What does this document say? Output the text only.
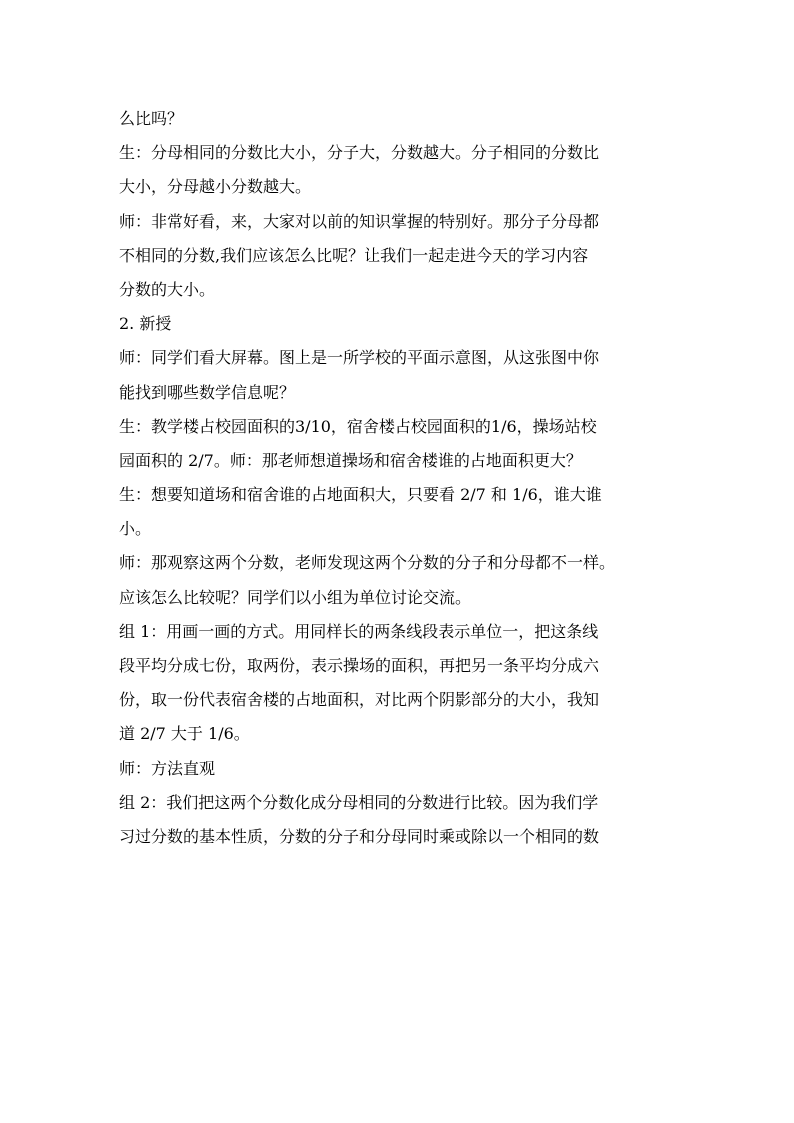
么比吗？
生：分母相同的分数比大小，分子大，分数越大。分子相同的分数比
大小，分母越小分数越大。
师：非常好看，来，大家对以前的知识掌握的特别好。那分子分母都
不相同的分数,我们应该怎么比呢？让我们一起走进今天的学习内容
分数的大小。
2. 新授
师：同学们看大屏幕。图上是一所学校的平面示意图，从这张图中你
能找到哪些数学信息呢？
生：教学楼占校园面积的3/10，宿舍楼占校园面积的1/6，操场站校
园面积的 2/7。师：那老师想道操场和宿舍楼谁的占地面积更大？
生：想要知道场和宿舍谁的占地面积大，只要看 2/7 和 1/6，谁大谁
小。
师：那观察这两个分数，老师发现这两个分数的分子和分母都不一样。
应该怎么比较呢？同学们以小组为单位讨论交流。
组 1：用画一画的方式。用同样长的两条线段表示单位一，把这条线
段平均分成七份，取两份，表示操场的面积，再把另一条平均分成六
份，取一份代表宿舍楼的占地面积，对比两个阴影部分的大小，我知
道 2/7 大于 1/6。
师：方法直观
组 2：我们把这两个分数化成分母相同的分数进行比较。因为我们学
习过分数的基本性质，分数的分子和分母同时乘或除以一个相同的数
